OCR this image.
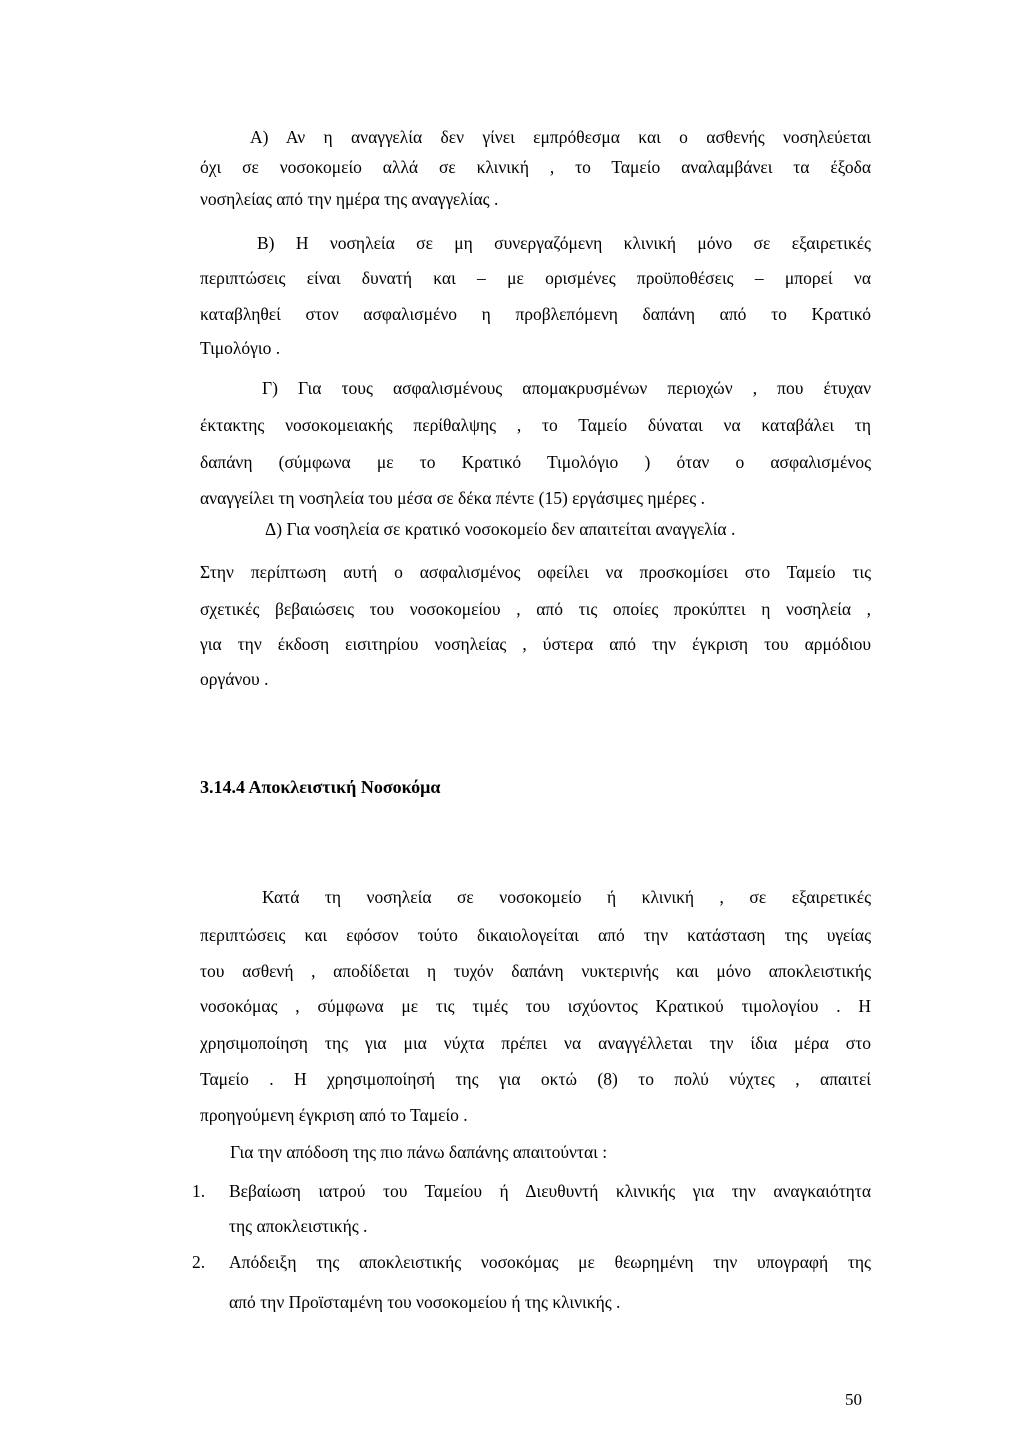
Α) Αν η αναγγελία δεν γίνει εμπρόθεσμα και ο ασθενής νοσηλεύεται
όχι σε νοσοκομείο αλλά σε κλινική , το Ταμείο αναλαμβάνει τα έξοδα
νοσηλείας από την ημέρα της αναγγελίας .
Β) Η νοσηλεία σε μη συνεργαζόμενη κλινική μόνο σε εξαιρετικές
περιπτώσεις είναι δυνατή και – με ορισμένες προϋποθέσεις – μπορεί να
καταβληθεί στον ασφαλισμένο η προβλεπόμενη δαπάνη από το Κρατικό
Τιμολόγιο .
Γ) Για τους ασφαλισμένους απομακρυσμένων περιοχών , που έτυχαν
έκτακτης νοσοκομειακής περίθαλψης , το Ταμείο δύναται να καταβάλει τη
δαπάνη (σύμφωνα με το Κρατικό Τιμολόγιο ) όταν ο ασφαλισμένος
αναγγείλει τη νοσηλεία του μέσα σε δέκα πέντε (15) εργάσιμες ημέρες .
Δ) Για νοσηλεία σε κρατικό νοσοκομείο δεν απαιτείται αναγγελία .
Στην περίπτωση αυτή ο ασφαλισμένος οφείλει να προσκομίσει στο Ταμείο τις
σχετικές βεβαιώσεις του νοσοκομείου , από τις οποίες προκύπτει η νοσηλεία ,
για την έκδοση εισιτηρίου νοσηλείας , ύστερα από την έγκριση του αρμόδιου
οργάνου .
3.14.4 Αποκλειστική Νοσοκόμα
Κατά τη νοσηλεία σε νοσοκομείο ή κλινική , σε εξαιρετικές
περιπτώσεις και εφόσον τούτο δικαιολογείται από την κατάσταση της υγείας
του ασθενή , αποδίδεται η τυχόν δαπάνη νυκτερινής και μόνο αποκλειστικής
νοσοκόμας , σύμφωνα με τις τιμές του ισχύοντος Κρατικού τιμολογίου . Η
χρησιμοποίηση της για μια νύχτα πρέπει να αναγγέλλεται την ίδια μέρα στο
Ταμείο . Η χρησιμοποίησή της για οκτώ (8) το πολύ νύχτες , απαιτεί
προηγούμενη έγκριση από το Ταμείο .
Για την απόδοση της πιο πάνω δαπάνης απαιτούνται :
1. Βεβαίωση ιατρού του Ταμείου ή Διευθυντή κλινικής για την αναγκαιότητα
της αποκλειστικής .
2. Απόδειξη της αποκλειστικής νοσοκόμας με θεωρημένη την υπογραφή της
από την Προϊσταμένη του νοσοκομείου ή της κλινικής .
50
